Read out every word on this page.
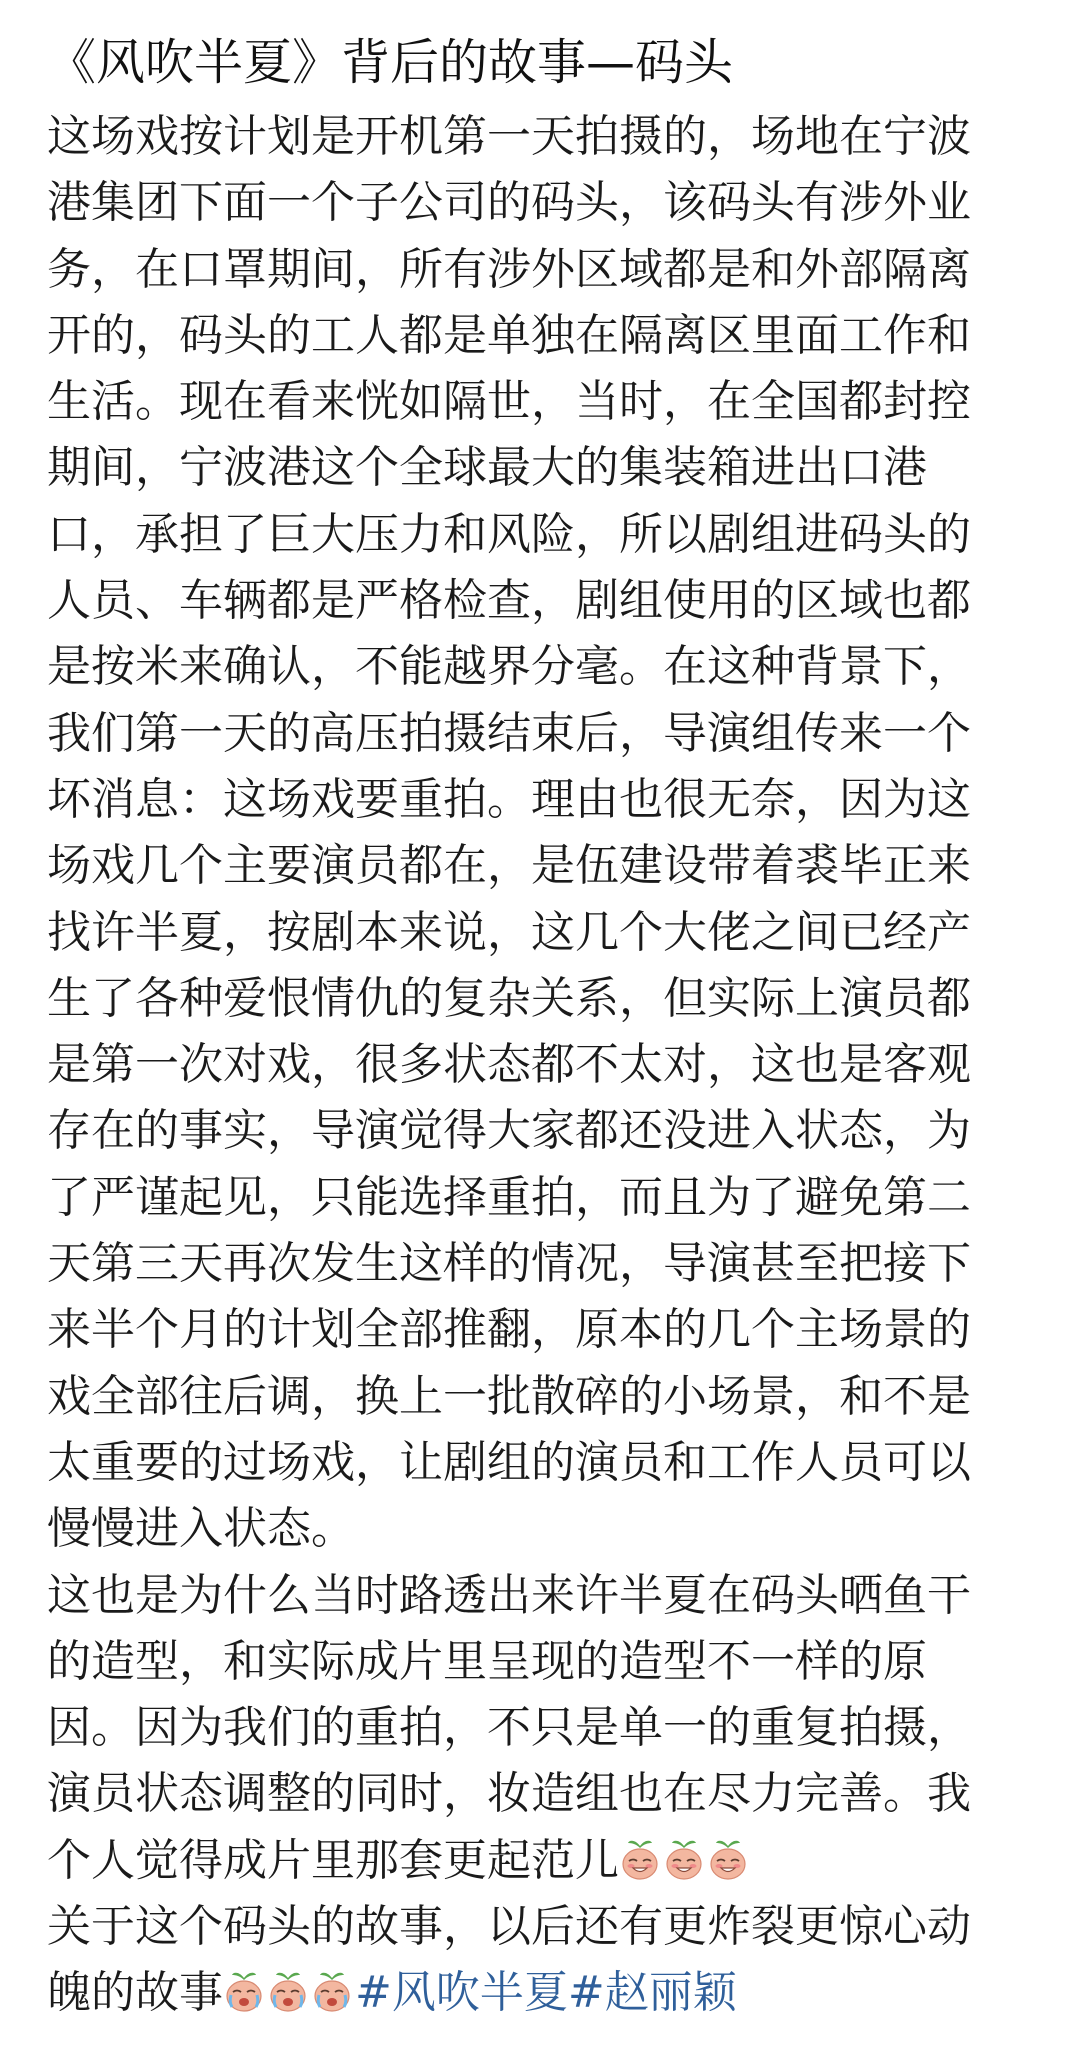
《风吹半夏》背后的故事—码头
这场戏按计划是开机第一天拍摄的，场地在宁波
港集团下面一个子公司的码头，该码头有涉外业
务，在口罩期间，所有涉外区域都是和外部隔离
开的，码头的工人都是单独在隔离区里面工作和
生活。现在看来恍如隔世，当时，在全国都封控
期间，宁波港这个全球最大的集装箱进出口港
口，承担了巨大压力和风险，所以剧组进码头的
人员、车辆都是严格检查，剧组使用的区域也都
是按米来确认，不能越界分毫。在这种背景下，
我们第一天的高压拍摄结束后，导演组传来一个
坏消息：这场戏要重拍。理由也很无奈，因为这
场戏几个主要演员都在，是伍建设带着裘毕正来
找许半夏，按剧本来说，这几个大佬之间已经产
生了各种爱恨情仇的复杂关系，但实际上演员都
是第一次对戏，很多状态都不太对，这也是客观
存在的事实，导演觉得大家都还没进入状态，为
了严谨起见，只能选择重拍，而且为了避免第二
天第三天再次发生这样的情况，导演甚至把接下
来半个月的计划全部推翻，原本的几个主场景的
戏全部往后调，换上一批散碎的小场景，和不是
太重要的过场戏，让剧组的演员和工作人员可以
慢慢进入状态。
这也是为什么当时路透出来许半夏在码头晒鱼干
的造型，和实际成片里呈现的造型不一样的原
因。因为我们的重拍，不只是单一的重复拍摄，
演员状态调整的同时，妆造组也在尽力完善。我
个人觉得成片里那套更起范儿
关于这个码头的故事，以后还有更炸裂更惊心动
魄的故事	#风吹半夏#赵丽颖
